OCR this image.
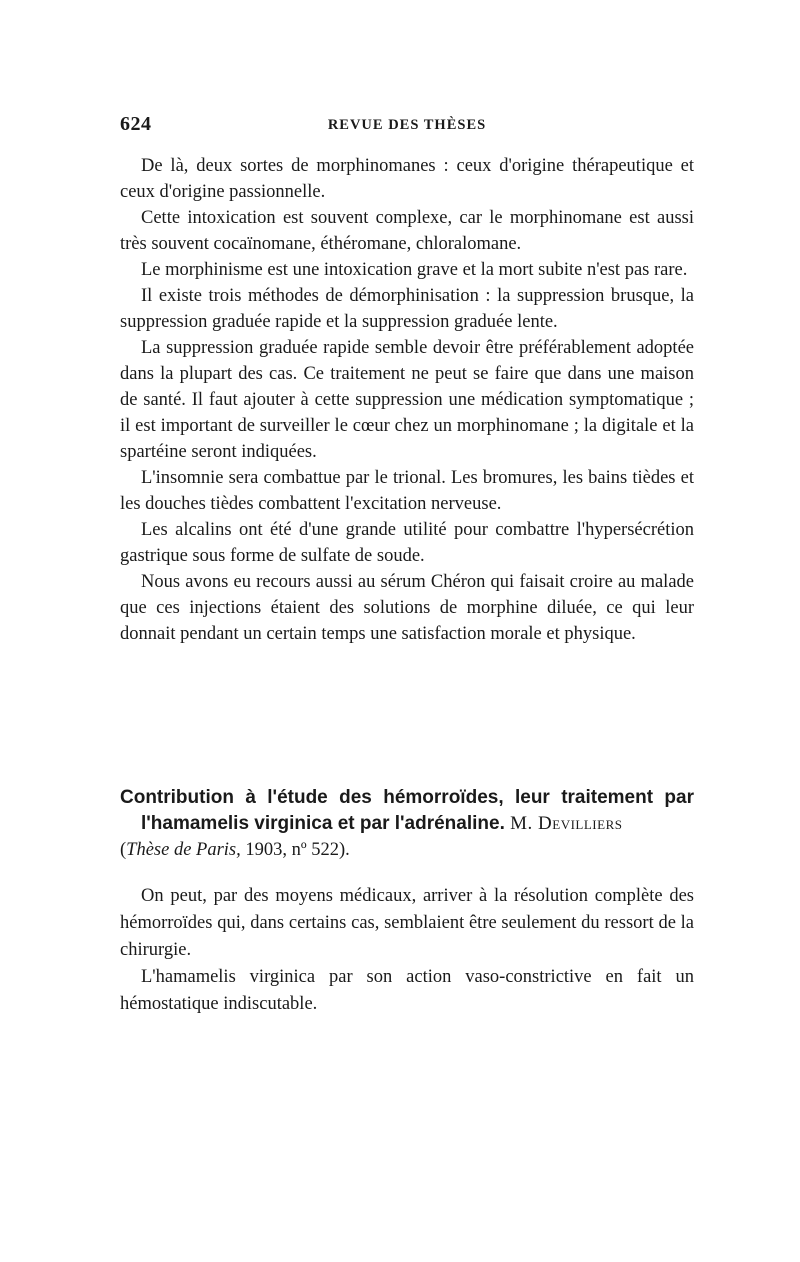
624	REVUE DES THÈSES

De là, deux sortes de morphinomanes : ceux d'origine thérapeutique et ceux d'origine passionnelle.

Cette intoxication est souvent complexe, car le morphinomane est aussi très souvent cocaïnomane, éthéromane, chloralomane.

Le morphinisme est une intoxication grave et la mort subite n'est pas rare.

Il existe trois méthodes de démorphinisation : la suppression brusque, la suppression graduée rapide et la suppression graduée lente.

La suppression graduée rapide semble devoir être préférablement adoptée dans la plupart des cas. Ce traitement ne peut se faire que dans une maison de santé. Il faut ajouter à cette suppression une médication symptomatique ; il est important de surveiller le cœur chez un morphinomane ; la digitale et la spartéine seront indiquées.

L'insomnie sera combattue par le trional. Les bromures, les bains tièdes et les douches tièdes combattent l'excitation nerveuse.

Les alcalins ont été d'une grande utilité pour combattre l'hypersécrétion gastrique sous forme de sulfate de soude.

Nous avons eu recours aussi au sérum Chéron qui faisait croire au malade que ces injections étaient des solutions de morphine diluée, ce qui leur donnait pendant un certain temps une satisfaction morale et physique.

Contribution à l'étude des hémorroïdes, leur traitement par l'hamamelis virginica et par l'adrénaline. M. Devilliers
(Thèse de Paris, 1903, nº 522).

On peut, par des moyens médicaux, arriver à la résolution complète des hémorroïdes qui, dans certains cas, semblaient être seulement du ressort de la chirurgie.

L'hamamelis virginica par son action vaso-constrictive en fait un hémostatique indiscutable.
